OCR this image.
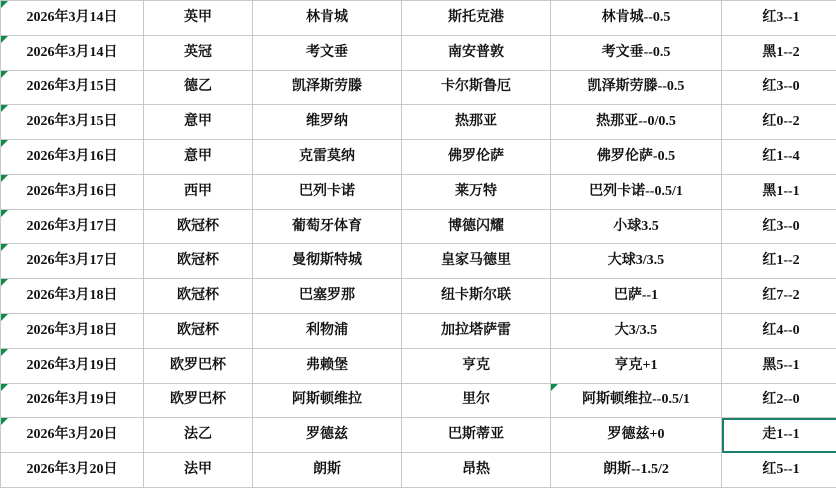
2026年3月14日	英甲	林肯城	斯托克港	林肯城--0.5	红3--1

2026年3月14日	英冠	考文垂	南安普敦	考文垂--0.5	黑1--2

2026年3月15日	德乙	凯泽斯劳滕	卡尔斯鲁厄	凯泽斯劳滕--0.5	红3--0

2026年3月15日	意甲	维罗纳	热那亚	热那亚--0/0.5	红0--2

2026年3月16日	意甲	克雷莫纳	佛罗伦萨	佛罗伦萨-0.5	红1--4

2026年3月16日	西甲	巴列卡诺	莱万特	巴列卡诺--0.5/1	黑1--1

2026年3月17日	欧冠杯	葡萄牙体育	博德闪耀	小球3.5	红3--0

2026年3月17日	欧冠杯	曼彻斯特城	皇家马德里	大球3/3.5	红1--2

2026年3月18日	欧冠杯	巴塞罗那	纽卡斯尔联	巴萨--1	红7--2

2026年3月18日	欧冠杯	利物浦	加拉塔萨雷	大3/3.5	红4--0

2026年3月19日	欧罗巴杯	弗赖堡	亨克	亨克+1	黑5--1

2026年3月19日	欧罗巴杯	阿斯顿维拉	里尔	阿斯顿维拉--0.5/1	红2--0

2026年3月20日	法乙	罗德兹	巴斯蒂亚	罗德兹+0	走1--1

2026年3月20日	法甲	朗斯	昂热	朗斯--1.5/2	红5--1
